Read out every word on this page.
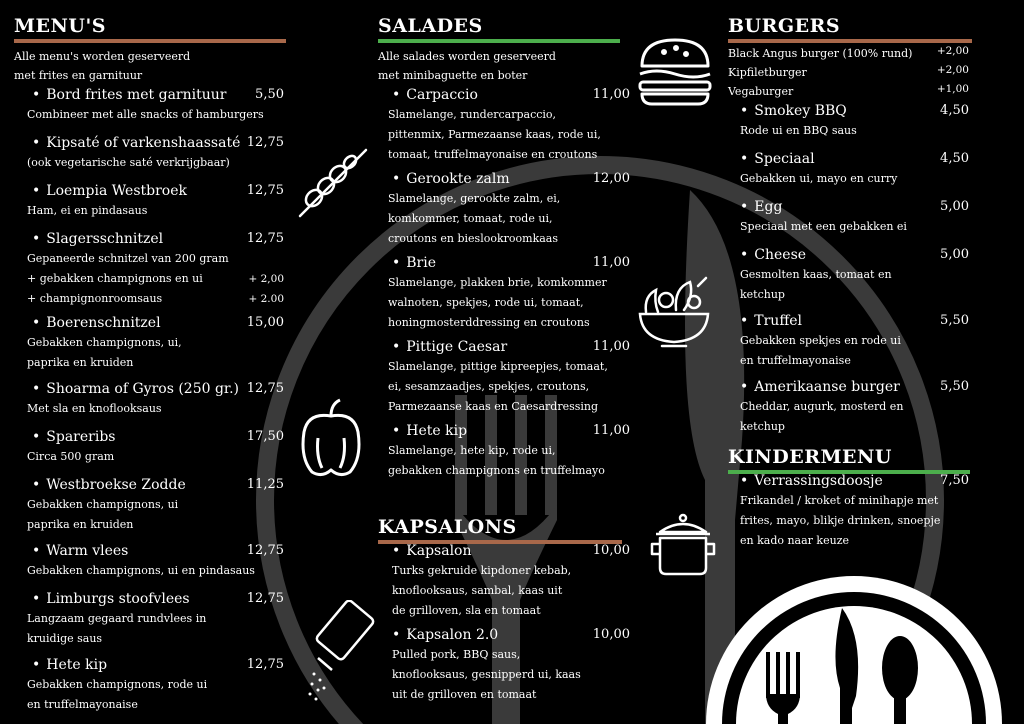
MENU'S
Alle menu's worden geserveerd
met frites en garnituur
• Bord frites met garnituur	5,50
Combineer met alle snacks of hamburgers
• Kipsaté of varkenshaassaté 12,75
(ook vegetarische saté verkrijgbaar)
• Loempia Westbroek	12,75
Ham, ei en pindasaus
• Slagersschnitzel	12,75
Gepaneerde schnitzel van 200 gram
+ gebakken champignons en ui	+ 2,00
+ champignonroomsaus	+ 2.00
• Boerenschnitzel	15,00
Gebakken champignons, ui,
paprika en kruiden
• Shoarma of Gyros (250 gr.) 12,75
Met sla en knoflooksaus
• Spareribs	17,50
Circa 500 gram
• Westbroekse Zodde	11,25
Gebakken champignons, ui
paprika en kruiden
• Warm vlees	12,75
Gebakken champignons, ui en pindasaus
• Limburgs stoofvlees	12,75
Langzaam gegaard rundvlees in
kruidige saus
• Hete kip	12,75
Gebakken champignons, rode ui
en truffelmayonaise
SALADES
Alle salades worden geserveerd
met minibaguette en boter
• Carpaccio	11,00
Slamelange, rundercarpaccio,
pittenmix, Parmezaanse kaas, rode ui,
tomaat, truffelmayonaise en croutons
• Gerookte zalm	12,00
Slamelange, gerookte zalm, ei,
komkommer, tomaat, rode ui,
croutons en bieslookroomkaas
• Brie	11,00
Slamelange, plakken brie, komkommer
walnoten, spekjes, rode ui, tomaat,
honingmosterddressing en croutons
• Pittige Caesar	11,00
Slamelange, pittige kipreepjes, tomaat,
ei, sesamzaadjes, spekjes, croutons,
Parmezaanse kaas en Caesardressing
• Hete kip	11,00
Slamelange, hete kip, rode ui,
gebakken champignons en truffelmayo
KAPSALONS
• Kapsalon	10,00
Turks gekruide kipdoner kebab,
knoflooksaus, sambal, kaas uit
de grilloven, sla en tomaat
• Kapsalon 2.0	10,00
Pulled pork, BBQ saus,
knoflooksaus, gesnipperd ui, kaas
uit de grilloven en tomaat
BURGERS
Black Angus burger (100% rund) +2,00
Kipfiletburger	+2,00
Vegaburger	+1,00
• Smokey BBQ	4,50
Rode ui en BBQ saus
• Speciaal	4,50
Gebakken ui, mayo en curry
• Egg	5,00
Speciaal met een gebakken ei
• Cheese	5,00
Gesmolten kaas, tomaat en
ketchup
• Truffel	5,50
Gebakken spekjes en rode ui
en truffelmayonaise
• Amerikaanse burger	5,50
Cheddar, augurk, mosterd en
ketchup
KINDERMENU
• Verrassingsdoosje	7,50
Frikandel / kroket of minihapje met
frites, mayo, blikje drinken, snoepje
en kado naar keuze
